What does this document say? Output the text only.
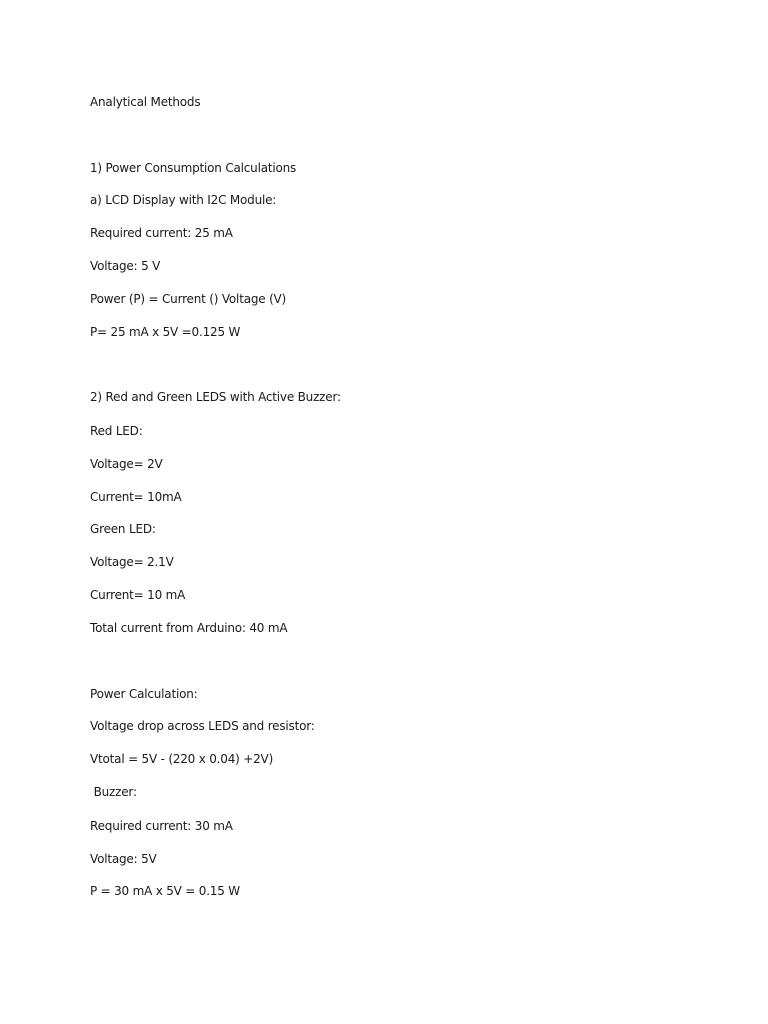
Analytical Methods
1) Power Consumption Calculations
a) LCD Display with I2C Module:
Required current: 25 mA
Voltage: 5 V
Power (P) = Current () Voltage (V)
P= 25 mA x 5V =0.125 W
2) Red and Green LEDS with Active Buzzer:
Red LED:
Voltage= 2V
Current= 10mA
Green LED:
Voltage= 2.1V
Current= 10 mA
Total current from Arduino: 40 mA
Power Calculation:
Voltage drop across LEDS and resistor:
Vtotal = 5V - (220 x 0.04) +2V)
Buzzer:
Required current: 30 mA
Voltage: 5V
P = 30 mA x 5V = 0.15 W
